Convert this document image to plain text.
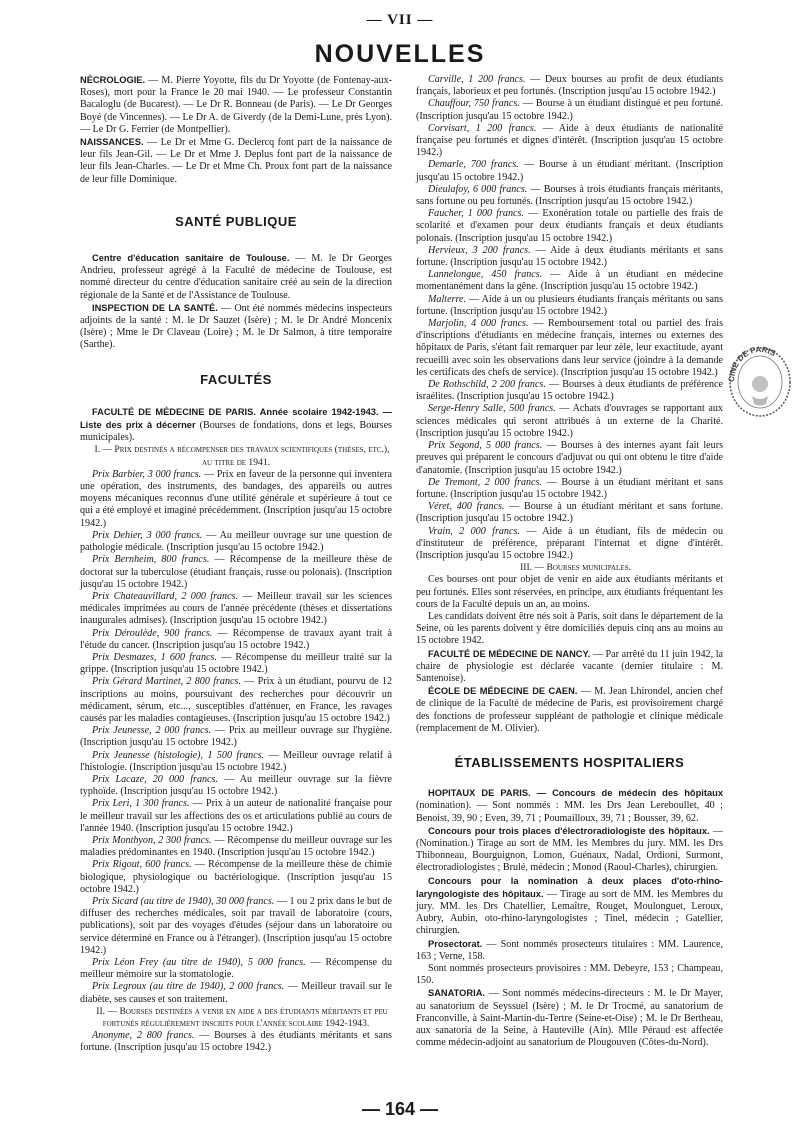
— VII —
NOUVELLES

NÉCROLOGIE. — M. Pierre Yoyotte, fils du Dr Yoyotte (de Fontenay-aux-Roses), mort pour la France le 20 mai 1940. — Le professeur Constantin Bacaloglu (de Bucarest). — Le Dr R. Bonneau (de Paris). — Le Dr Georges Boyé (de Vincennes). — Le Dr A. de Giverdy (de la Demi-Lune, près Lyon). — Le Dr G. Ferrier (de Montpellier).

NAISSANCES. — Le Dr et Mme G. Declercq font part de la naissance de leur fils Jean-Gil. — Le Dr et Mme J. Deplus font part de la naissance de leur fils Jean-Charles. — Le Dr et Mme Ch. Proux font part de la naissance de leur fille Dominique.

SANTÉ PUBLIQUE

Centre d'éducation sanitaire de Toulouse. — M. le Dr Georges Andrieu, professeur agrégé à la Faculté de médecine de Toulouse, est nommé directeur du centre d'éducation sanitaire créé au sein de la direction régionale de la Santé et de l'Assistance de Toulouse.

INSPECTION DE LA SANTÉ. — Ont été nommés médecins inspecteurs adjoints de la santé : M. le Dr Sauzet (Isère) ; M. le Dr André Moncenix (Isère) ; Mme le Dr Claveau (Loire) ; M. le Dr Salmon, à titre temporaire (Sarthe).

FACULTÉS

FACULTÉ DE MÉDECINE DE PARIS. Année scolaire 1942-1943. — Liste des prix à décerner (Bourses de fondations, dons et legs, Bourses municipales).

I. — Prix destinés a récompenser des travaux scientifiques (thèses, etc.), au titre de 1941.

Prix Barbier, 3 000 francs. — Prix en faveur de la personne qui inventera une opération, des instruments, des bandages, des appareils ou autres moyens mécaniques reconnus d'une utilité générale et supérieure à tout ce qui a été employé et imaginé précédemment. (Inscription jusqu'au 15 octobre 1942.)

Prix Dehier, 3 000 francs. — Au meilleur ouvrage sur une question de pathologie médicale. (Inscription jusqu'au 15 octobre 1942.)

Prix Bernheim, 800 francs. — Récompense de la meilleure thèse de doctorat sur la tuberculose (étudiant français, russe ou polonais). (Inscription jusqu'au 15 octobre 1942.)

Prix Chateauvillard, 2 000 francs. — Meilleur travail sur les sciences médicales imprimées au cours de l'année précédente (thèses et dissertations inaugurales admises). (Inscription jusqu'au 15 octobre 1942.)

Prix Déroulède, 900 francs. — Récompense de travaux ayant trait à l'étude du cancer. (Inscription jusqu'au 15 octobre 1942.)

Prix Desmazes, 1 600 francs. — Récompense du meilleur traité sur la grippe. (Inscription jusqu'au 15 octobre 1942.)

Prix Gérard Martinet, 2 800 francs. — Prix à un étudiant, pourvu de 12 inscriptions au moins, poursuivant des recherches pour découvrir un médicament, sérum, etc..., susceptibles d'atténuer, en France, les ravages causés par les maladies contagieuses. (Inscription jusqu'au 15 octobre 1942.)

Prix Jeunesse, 2 000 francs. — Prix au meilleur ouvrage sur l'hygiène. (Inscription jusqu'au 15 octobre 1942.)

Prix Jeunesse (histologie), 1 500 francs. — Meilleur ouvrage relatif à l'histologie. (Inscription jusqu'au 15 octobre 1942.)

Prix Lacaze, 20 000 francs. — Au meilleur ouvrage sur la fièvre typhoïde. (Inscription jusqu'au 15 octobre 1942.)

Prix Leri, 1 300 francs. — Prix à un auteur de nationalité française pour le meilleur travail sur les affections des os et articulations publié au cours de l'année 1940. (Inscription jusqu'au 15 octobre 1942.)

Prix Monthyon, 2 300 francs. — Récompense du meilleur ouvrage sur les maladies prédominantes en 1940. (Inscription jusqu'au 15 octobre 1942.)

Prix Rigout, 600 francs. — Récompense de la meilleure thèse de chimie biologique, physiologique ou bactériologique. (Inscription jusqu'au 15 octobre 1942.)

Prix Sicard (au titre de 1940), 30 000 francs. — 1 ou 2 prix dans le but de diffuser des recherches médicales, soit par travail de laboratoire (cours, publications), soit par des voyages d'études (séjour dans un laboratoire ou service déterminé en France ou à l'étranger). (Inscription jusqu'au 15 octobre 1942.)

Prix Léon Frey (au titre de 1940), 5 000 francs. — Récompense du meilleur mémoire sur la stomatologie.

Prix Legroux (au titre de 1940), 2 000 francs. — Meilleur travail sur le diabète, ses causes et son traitement.

II. — Bourses destinées a venir en aide a des étudiants méritants et peu fortunés régulièrement inscrits pour l'année scolaire 1942-1943.

Anonyme, 2 800 francs. — Bourses à des étudiants méritants et sans fortune. (Inscription jusqu'au 15 octobre 1942.)

Carville, 1 200 francs. — Deux bourses au profit de deux étudiants français, laborieux et peu fortunés. (Inscription jusqu'au 15 octobre 1942.)

Chauffour, 750 francs. — Bourse à un étudiant distingué et peu fortuné. (Inscription jusqu'au 15 octobre 1942.)

Corvisart, 1 200 francs. — Aide à deux étudiants de nationalité française peu fortunés et dignes d'intérêt. (Inscription jusqu'au 15 octobre 1942.)

Demarle, 700 francs. — Bourse à un étudiant méritant. (Inscription jusqu'au 15 octobre 1942.)

Dieulafoy, 6 000 francs. — Bourses à trois étudiants français méritants, sans fortune ou peu fortunés. (Inscription jusqu'au 15 octobre 1942.)

Faucher, 1 000 francs. — Exonération totale ou partielle des frais de scolarité et d'examen pour deux étudiants français et deux étudiants polonais. (Inscription jusqu'au 15 octobre 1942.)

Hervieux, 3 200 francs. — Aide à deux étudiants méritants et sans fortune. (Inscription jusqu'au 15 octobre 1942.)

Lannelongue, 450 francs. — Aide à un étudiant en médecine momentanément dans la gêne. (Inscription jusqu'au 15 octobre 1942.)

Malterre. — Aide à un ou plusieurs étudiants français méritants ou sans fortune. (Inscription jusqu'au 15 octobre 1942.)

Marjolin, 4 000 francs. — Remboursement total ou partiel des frais d'inscriptions d'étudiants en médecine français, internes ou externes des hôpitaux de Paris, s'étant fait remarquer par leur zèle, leur exactitude, ayant recueilli avec soin les observations dans leur service (joindre à la demande les certificats des chefs de service). (Inscription jusqu'au 15 octobre 1942.)

De Rothschild, 2 200 francs. — Bourses à deux étudiants de préférence israélites. (Inscription jusqu'au 15 octobre 1942.)

Serge-Henry Salle, 500 francs. — Achats d'ouvrages se rapportant aux sciences médicales qui seront attribués à un externe de la Charité. (Inscription jusqu'au 15 octobre 1942.)

Prix Segond, 5 000 francs. — Bourses à des internes ayant fait leurs preuves qui préparent le concours d'adjuvat ou qui ont obtenu le titre d'aide d'anatomie. (Inscription jusqu'au 15 octobre 1942.)

De Tremont, 2 000 francs. — Bourse à un étudiant méritant et sans fortune. (Inscription jusqu'au 15 octobre 1942.)

Véret, 400 francs. — Bourse à un étudiant méritant et sans fortune. (Inscription jusqu'au 15 octobre 1942.)

Vrain, 2 000 francs. — Aide à un étudiant, fils de médecin ou d'instituteur de préférence, préparant l'internat et digne d'intérêt. (Inscription jusqu'au 15 octobre 1942.)

III. — Bourses municipales.

Ces bourses ont pour objet de venir en aide aux étudiants méritants et peu fortunés. Elles sont réservées, en principe, aux étudiants fréquentant les cours de la Faculté depuis un an, au moins.

Les candidats doivent être nés soit à Paris, soit dans le département de la Seine, où les parents doivent y être domiciliés depuis cinq ans au moins au 15 octobre 1942.

FACULTÉ DE MÉDECINE DE NANCY. — Par arrêté du 11 juin 1942, la chaire de physiologie est déclarée vacante (dernier titulaire : M. Santenoise).

ÉCOLE DE MÉDECINE DE CAEN. — M. Jean Lhirondel, ancien chef de clinique de la Faculté de médecine de Paris, est provisoirement chargé des fonctions de professeur suppléant de pathologie et clinique médicale (remplacement de M. Olivier).

ÉTABLISSEMENTS HOSPITALIERS

HOPITAUX DE PARIS. — Concours de médecin des hôpitaux (nomination). — Sont nommés : MM. les Drs Jean Lereboullet, 40 ; Benoist, 39, 90 ; Even, 39, 71 ; Poumailloux, 39, 71 ; Bousser, 39, 62.

Concours pour trois places d'électroradiologiste des hôpitaux. — (Nomination.) Tirage au sort de MM. les Membres du jury. MM. les Drs Thibonneau, Bourguignon, Lomon, Guénaux, Nadal, Ordioni, Surmont, électroradiologistes ; Brulé, médecin ; Monod (Raoul-Charles), chirurgien.

Concours pour la nomination à deux places d'oto-rhino-laryngologiste des hôpitaux. — Tirage au sort de MM. les Membres du jury. MM. les Drs Chatellier, Lemaître, Rouget, Moulonguet, Leroux, Aubry, Aubin, oto-rhino-laryngologistes ; Tinel, médecin ; Gatellier, chirurgien.

Prosectorat. — Sont nommés prosecteurs titulaires : MM. Laurence, 163 ; Verne, 158.

Sont nommés prosecteurs provisoires : MM. Debeyre, 153 ; Champeau, 150.

SANATORIA. — Sont nommés médecins-directeurs : M. le Dr Mayer, au sanatorium de Seyssuel (Isère) ; M. le Dr Trocmé, au sanatorium de Franconville, à Saint-Martin-du-Tertre (Seine-et-Oise) ; M. le Dr Bertheau, aux sanatoria de la Seine, à Hauteville (Ain). Mlle Péraud est affectée comme médecin-adjoint au sanatorium de Plougouven (Côtes-du-Nord).

CINE DE PARIS
— 164 —
